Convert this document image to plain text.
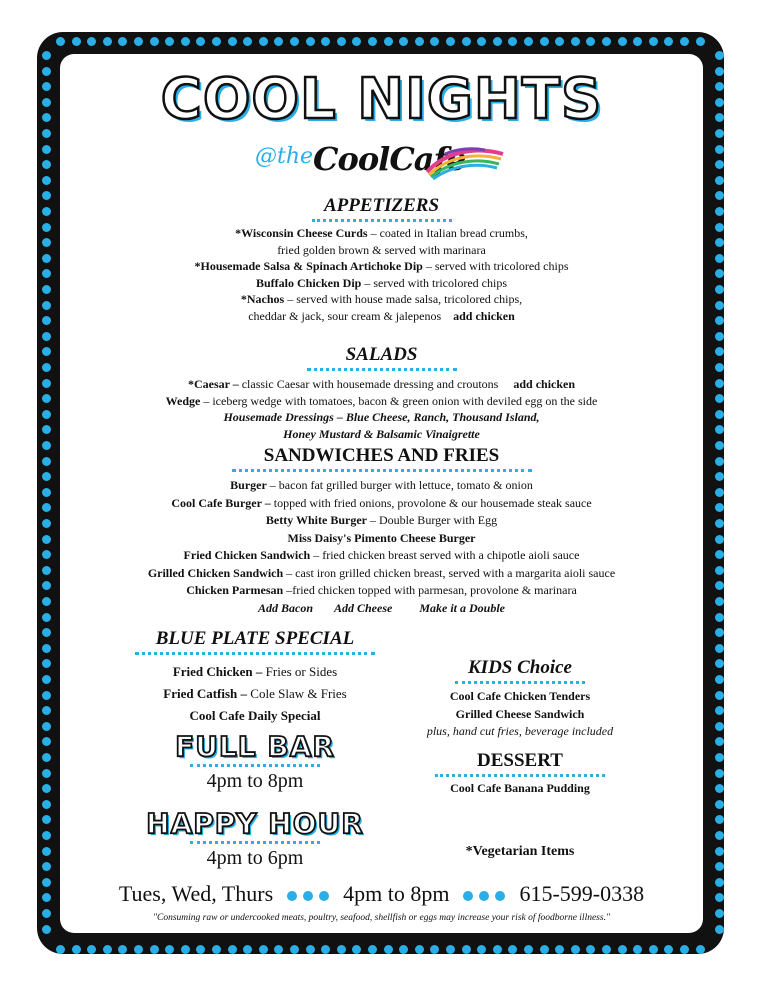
COOL NIGHTS
@the CoolCafe
APPETIZERS
*Wisconsin Cheese Curds – coated in Italian bread crumbs,
fried golden brown & served with marinara
*Housemade Salsa & Spinach Artichoke Dip – served with tricolored chips
Buffalo Chicken Dip – served with tricolored chips
*Nachos – served with house made salsa, tricolored chips,
cheddar & jack, sour cream & jalepenos add chicken
SALADS
*Caesar – classic Caesar with housemade dressing and croutons add chicken
Wedge – iceberg wedge with tomatoes, bacon & green onion with deviled egg on the side
Housemade Dressings – Blue Cheese, Ranch, Thousand Island,
Honey Mustard & Balsamic Vinaigrette
SANDWICHES AND FRIES
Burger – bacon fat grilled burger with lettuce, tomato & onion
Cool Cafe Burger – topped with fried onions, provolone & our housemade steak sauce
Betty White Burger – Double Burger with Egg
Miss Daisy's Pimento Cheese Burger
Fried Chicken Sandwich – fried chicken breast served with a chipotle aioli sauce
Grilled Chicken Sandwich – cast iron grilled chicken breast, served with a margarita aioli sauce
Chicken Parmesan –fried chicken topped with parmesan, provolone & marinara
Add Bacon Add Cheese Make it a Double
BLUE PLATE SPECIAL
Fried Chicken – Fries or Sides
Fried Catfish – Cole Slaw & Fries
Cool Cafe Daily Special
FULL BAR
4pm to 8pm
HAPPY HOUR
4pm to 6pm
KIDS Choice
Cool Cafe Chicken Tenders
Grilled Cheese Sandwich
plus, hand cut fries, beverage included
DESSERT
Cool Cafe Banana Pudding
*Vegetarian Items
Tues, Wed, Thurs	4pm to 8pm	615-599-0338
"Consuming raw or undercooked meats, poultry, seafood, shellfish or eggs may increase your risk of foodborne illness."
